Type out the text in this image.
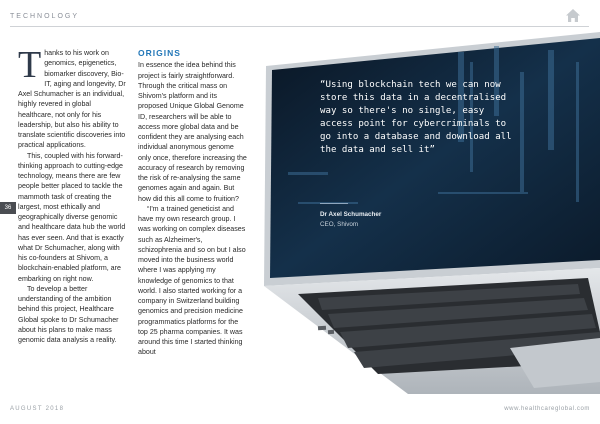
TECHNOLOGY
T hanks to his work on genomics, epigenetics, biomarker discovery, Bio-IT, aging and longevity, Dr Axel Schumacher is an individual, highly revered in global healthcare, not only for his leadership, but also his ability to translate scientific discoveries into practical applications.

This, coupled with his forward-thinking approach to cutting-edge technology, means there are few people better placed to tackle the mammoth task of creating the largest, most ethically and geographically diverse genomic and healthcare data hub the world has ever seen. And that is exactly what Dr Schumacher, along with his co-founders at Shivom, a blockchain-enabled platform, are embarking on right now.

To develop a better understanding of the ambition behind this project, Healthcare Global spoke to Dr Schumacher about his plans to make mass genomic data analysis a reality.

ORIGINS

In essence the idea behind this project is fairly straightforward. Through the critical mass on Shivom's platform and its proposed Unique Global Genome ID, researchers will be able to access more global data and be confident they are analysing each individual anonymous genome only once, therefore increasing the accuracy of research by removing the risk of re-analysing the same genomes again and again. But how did this all come to fruition?

“I'm a trained geneticist and have my own research group. I was working on complex diseases such as Alzheimer's, schizophrenia and so on but I also moved into the business world where I was applying my knowledge of genomics to that world. I also started working for a company in Switzerland building genomics and precision medicine programmatics platforms for the top 25 pharma companies. It was around this time I started thinking about

36
“Using blockchain tech we can now store this data in a decentralised way so there's no single, easy access point for cybercriminals to go into a database and download all the data and sell it”
Dr Axel Schumacher
CEO, Shivom
AUGUST 2018	www.healthcareglobal.com
